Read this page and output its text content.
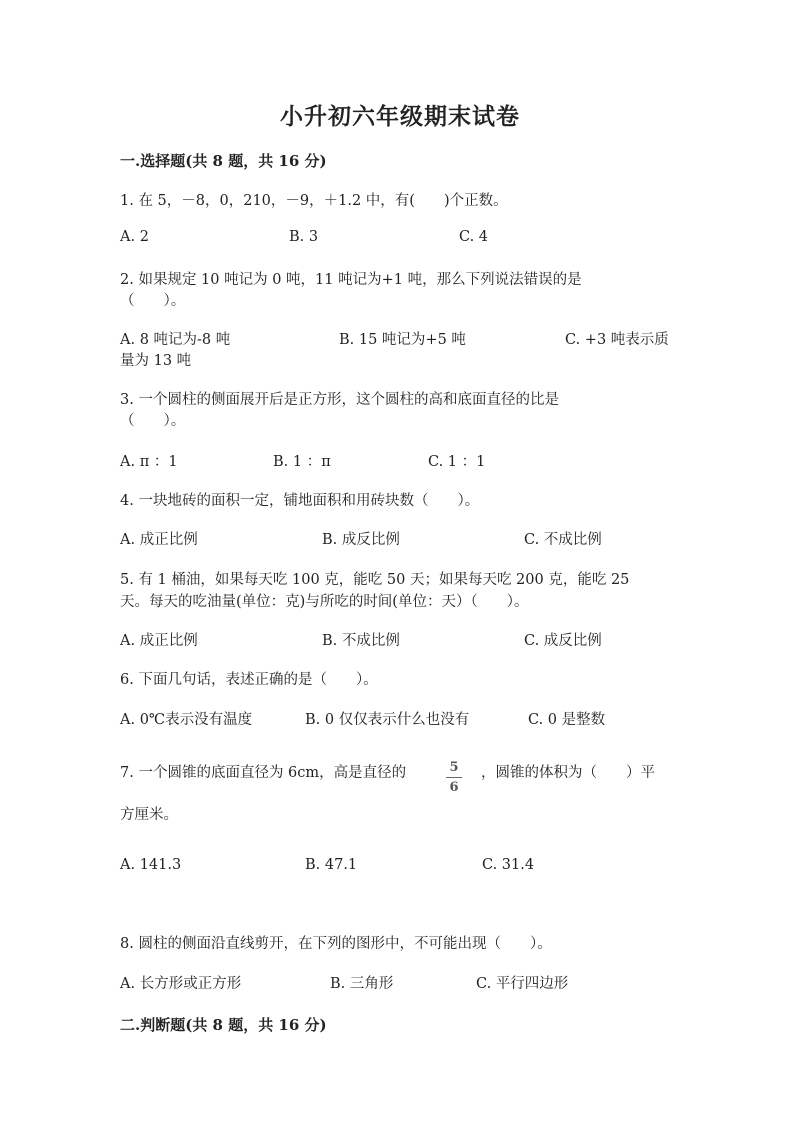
小升初六年级期末试卷
一.选择题(共 8 题，共 16 分)
1. 在 5，－8，0，210，－9，＋1.2 中，有(　　)个正数。
A. 2	B. 3	C. 4
2. 如果规定 10 吨记为 0 吨，11 吨记为+1 吨，那么下列说法错误的是
（　　）。
A. 8 吨记为-8 吨	B. 15 吨记为+5 吨	C. +3 吨表示质
量为 13 吨
3. 一个圆柱的侧面展开后是正方形，这个圆柱的高和底面直径的比是
（　　）。
A. π ：1	B. 1 ：π	C. 1 ：1
4. 一块地砖的面积一定，铺地面积和用砖块数（　　）。
A. 成正比例	B. 成反比例	C. 不成比例
5. 有 1 桶油，如果每天吃 100 克，能吃 50 天；如果每天吃 200 克，能吃 25
天。每天的吃油量(单位：克)与所吃的时间(单位：天）（　　）。
A. 成正比例	B. 不成比例	C. 成反比例
6. 下面几句话，表述正确的是（　　）。
A. 0℃表示没有温度	B. 0 仅仅表示什么也没有	C. 0 是整数
7. 一个圆锥的底面直径为 6cm，高是直径的	5
6
，圆锥的体积为（　　）平
方厘米。
A. 141.3	B. 47.1	C. 31.4
8. 圆柱的侧面沿直线剪开，在下列的图形中，不可能出现（　　）。
A. 长方形或正方形	B. 三角形	C. 平行四边形
二.判断题(共 8 题，共 16 分)
